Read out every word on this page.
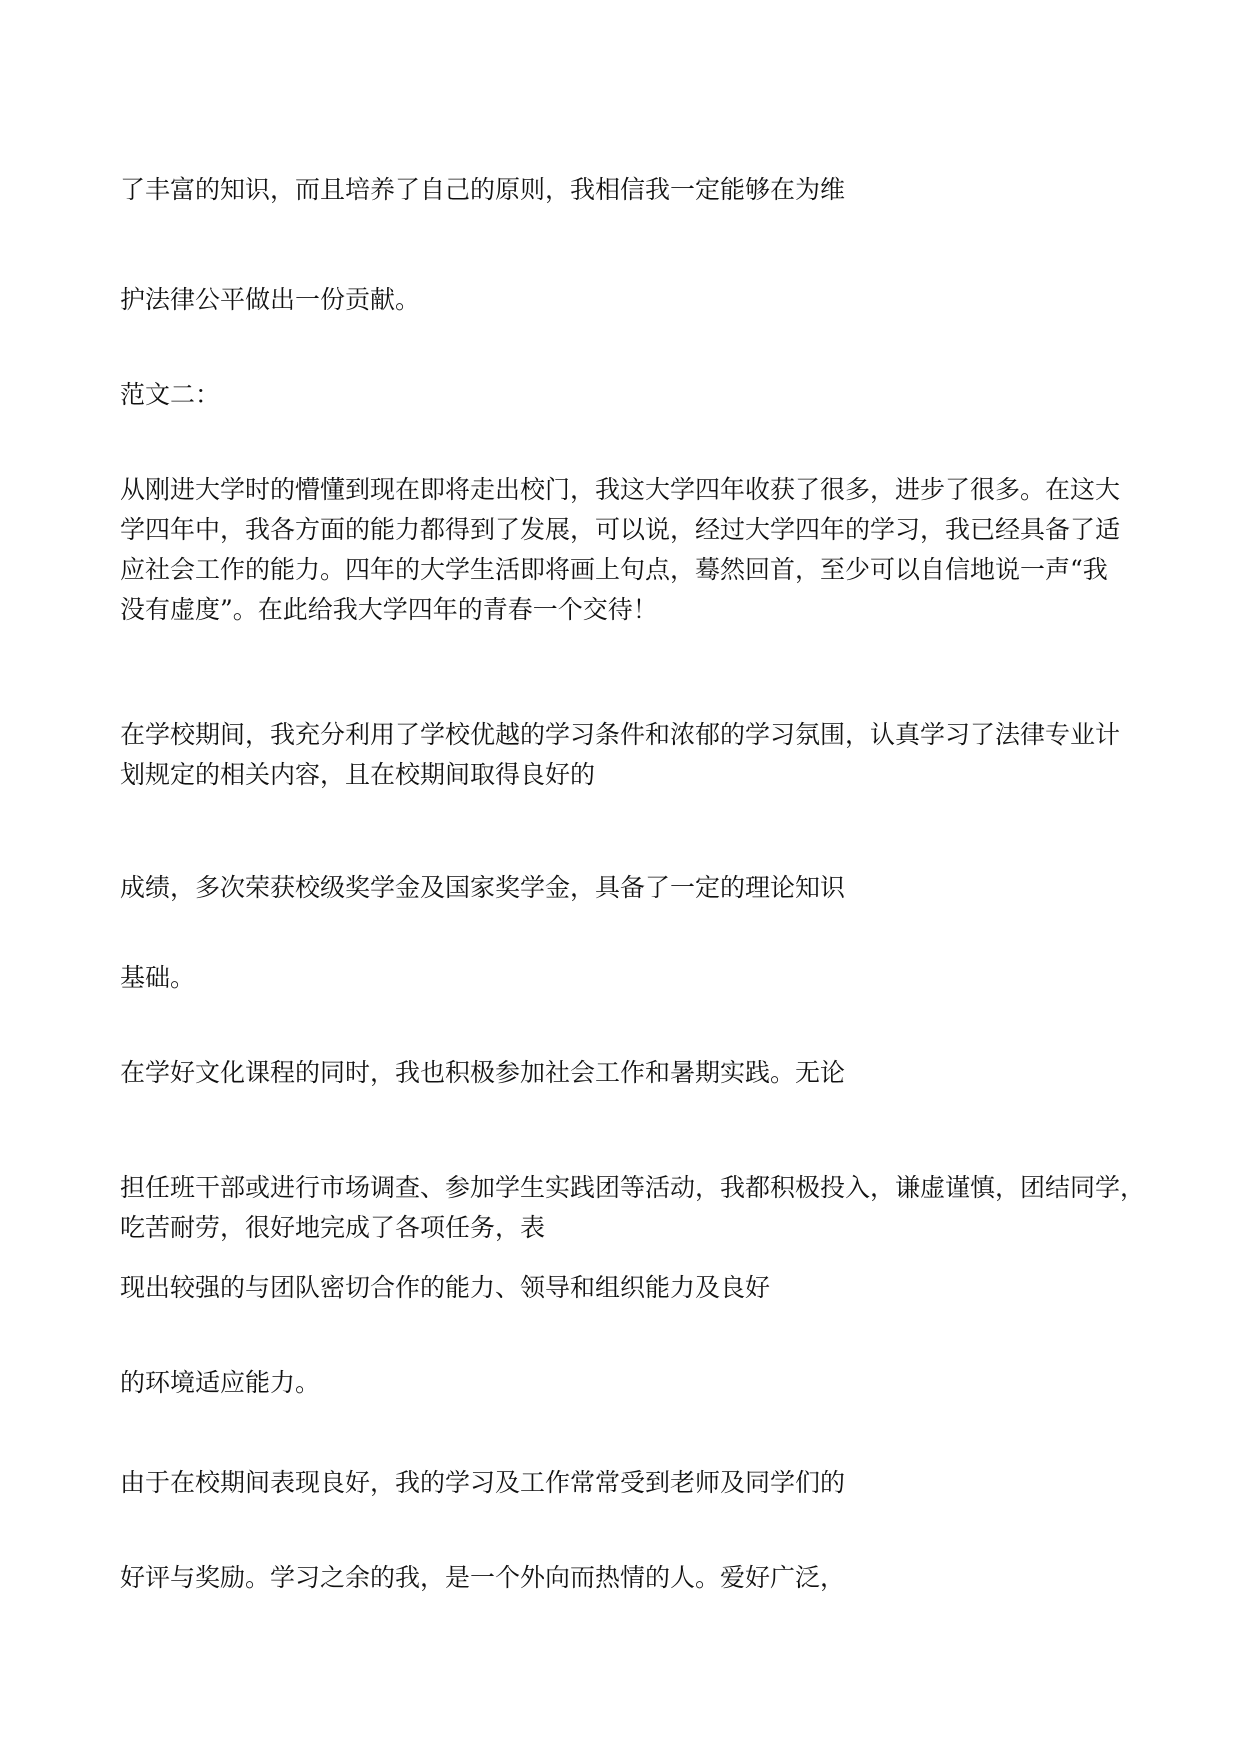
了丰富的知识，而且培养了自己的原则，我相信我一定能够在为维

护法律公平做出一份贡献。

范文二：

从刚进大学时的懵懂到现在即将走出校门，我这大学四年收获了很多，进步了很多。在这大
学四年中，我各方面的能力都得到了发展，可以说，经过大学四年的学习，我已经具备了适
应社会工作的能力。四年的大学生活即将画上句点，蓦然回首，至少可以自信地说一声“我
没有虚度”。在此给我大学四年的青春一个交待！

在学校期间，我充分利用了学校优越的学习条件和浓郁的学习氛围，认真学习了法律专业计
划规定的相关内容，且在校期间取得良好的

成绩，多次荣获校级奖学金及国家奖学金，具备了一定的理论知识

基础。

在学好文化课程的同时，我也积极参加社会工作和暑期实践。无论

担任班干部或进行市场调查、参加学生实践团等活动，我都积极投入，谦虚谨慎，团结同学，
吃苦耐劳，很好地完成了各项任务，表

现出较强的与团队密切合作的能力、领导和组织能力及良好

的环境适应能力。

由于在校期间表现良好，我的学习及工作常常受到老师及同学们的

好评与奖励。学习之余的我，是一个外向而热情的人。爱好广泛，
